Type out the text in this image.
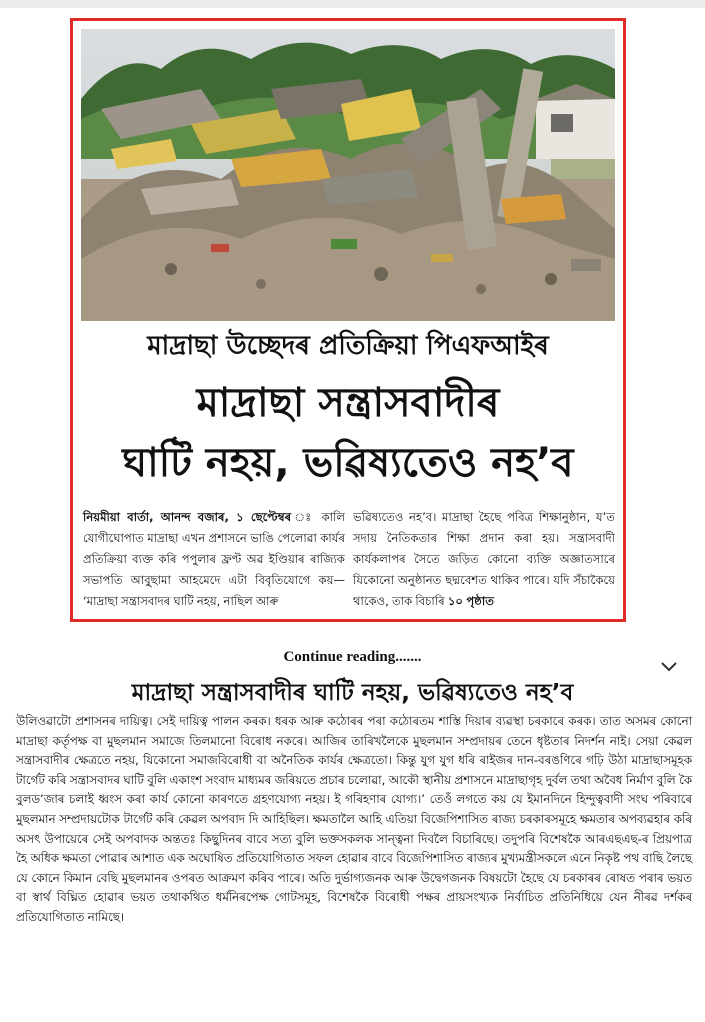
মাদ্ৰাছা উচ্ছেদৰ প্ৰতিক্ৰিয়া পিএফআইৰ
মাদ্ৰাছা সন্ত্ৰাসবাদীৰ
ঘাটি নহয়, ভৱিষ্যতেও নহ’ব
নিয়মীয়া বাৰ্তা, আনন্দ বজাৰ, ১ ছেপ্টেম্বৰ ঃ কালি যোগীঘোপাত মাদ্ৰাছা এখন প্ৰশাসনে ভাঙি পেলোৱা কাৰ্যৰ প্ৰতিক্ৰিয়া ব্যক্ত কৰি পপুলাৰ ফ্ৰণ্ট অৱ ইণ্ডিয়াৰ ৰাজ্যিক সভাপতি আবু্ছামা আহমেদে এটা বিবৃতিযোগে কয়— ‘মাদ্ৰাছা সন্ত্ৰাসবাদৰ ঘাটি নহয়, নাছিল আৰু
ভৱিষ্যতেও নহ’ব। মাদ্ৰাছা হৈছে পবিত্ৰ শিক্ষানুষ্ঠান, য’ত সদায় নৈতিকতাৰ শিক্ষা প্ৰদান কৰা হয়। সন্ত্ৰাসবাদী কাৰ্যকলাপৰ সৈতে জড়িত কোনো ব্যক্তি অজ্ঞাতসাৰে যিকোনো অনুষ্ঠানত ছদ্মবেশত থাকিব পাৰে। যদি সঁচাকৈয়ে থাকেও, তাক বিচাৰি ১০ পৃষ্ঠাত
Continue reading.......
মাদ্ৰাছা সন্ত্ৰাসবাদীৰ ঘাটি নহয়, ভৱিষ্যতেও নহ’ব
উলিওৱাটো প্ৰশাসনৰ দায়িত্ব। সেই দায়িত্ব পালন কৰক। ধৰক আৰু কঠোৰৰ পৰা কঠোৰতম শাস্তি দিয়াৰ ব্যৱস্থা চৰকাৰে কৰক। তাত অসমৰ কোনো মাদ্ৰাছা কৰ্তৃপক্ষ বা মুছলমান সমাজে তিলমানো বিৰোধ নকৰে। আজিৰ তাৰিখলৈকে মুছলমান সম্প্ৰদায়ৰ তেনে ধৃষ্টতাৰ নিদৰ্শন নাই। সেয়া কেৱল সন্ত্ৰাসবাদীৰ ক্ষেত্ৰতে নহয়, যিকোনো সমাজবিৰোধী বা অনৈতিক কাৰ্যৰ ক্ষেত্ৰতো। কিন্তু যুগ যুগ ধৰি ৰাইজৰ দান-বৰঙণিৰে গঢ়ি উঠা মাদ্ৰাছাসমূহক টাৰ্গেট কৰি সন্ত্ৰাসবাদৰ ঘাটি বুলি একাংশ সংবাদ মাধ্যমৰ জৰিয়তে প্ৰচাৰ চলোৱা, আকৌ স্থানীয় প্ৰশাসনে মাদ্ৰাছাগৃহ দুৰ্বল তথা অবৈধ নিৰ্মাণ বুলি কৈ বুলড’জাৰ চলাই ধ্বংস কৰা কাৰ্য কোনো কাৰণতে গ্ৰহণযোগ্য নহয়। ই গৰিহণাৰ যোগ্য।’ তেওঁ লগতে কয় যে ইমানদিনে হিন্দুত্ববাদী সংঘ পৰিবাৰে মুছলমান সম্প্ৰদায়টোক টাৰ্গেট কৰি কেৱল অপবাদ দি আহিছিল। ক্ষমতালৈ আহি এতিয়া বিজেপিশাসিত ৰাজ্য চৰকাৰসমূহে ক্ষমতাৰ অপব্যৱহাৰ কৰি অসৎ উপায়েৰে সেই অপবাদক অন্ততঃ কিছুদিনৰ বাবে সত্য বুলি ভক্তসকলক সান্ত্বনা দিবলৈ বিচাৰিছে। তদুপৰি বিশেষকৈ আৰএছএছ-ৰ প্ৰিয়পাত্ৰ হৈ অধিক ক্ষমতা পোৱাৰ আশাত এক অঘোষিত প্ৰতিযোগিতাত সফল হোৱাৰ বাবে বিজেপিশাসিত ৰাজ্যৰ মুখ্যমন্ত্ৰীসকলে এনে নিকৃষ্ট পথ বাছি লৈছে যে কোনে কিমান বেছি মুছলমানৰ ওপৰত আক্ৰমণ কৰিব পাৰে। অতি দুৰ্ভাগ্যজনক আৰু উদ্বেগজনক বিষয়টো হৈছে যে চৰকাৰৰ ৰোষত পৰাৰ ভয়ত বা স্বাৰ্থ বিঘ্নিত হোৱাৰ ভয়ত তথাকথিত ধৰ্মনিৰপেক্ষ গোটসমূহ, বিশেষকৈ বিৰোধী পক্ষৰ প্ৰায়সংখ্যক নিৰ্বাচিত প্ৰতিনিধিয়ে যেন নীৰৱ দৰ্শকৰ প্ৰতিযোগিতাত নামিছে।
